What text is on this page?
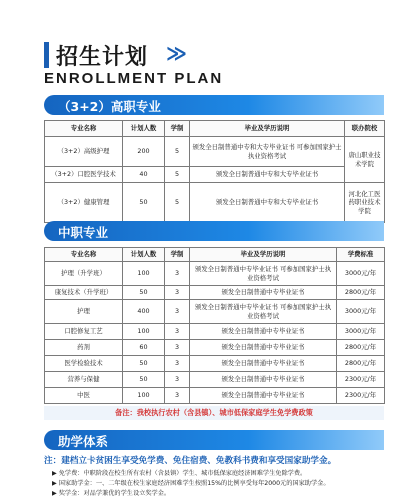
招生计划 ≫
ENROLLMENT PLAN
（3+2）高职专业
专业名称	计划人数	学制	毕业及学历说明	联办院校
（3+2）高级护理	200	5	颁发全日制普通中专和大专毕业证书 可参加国家护士执业资格考试	唐山职业技术学院
（3+2）口腔医学技术	40	5	颁发全日制普通中专和大专毕业证书	
（3+2）健康管理	50	5	颁发全日制普通中专和大专毕业证书	河北化工医药职业技术学院
中职专业
专业名称	计划人数	学制	毕业及学历说明	学费标准
护理（升学班）	100	3	颁发全日制普通中专毕业证书 可参加国家护士执业资格考试	3000元/年
康复技术（升学班）	50	3	颁发全日制普通中专毕业证书	2800元/年
护理	400	3	颁发全日制普通中专毕业证书 可参加国家护士执业资格考试	3000元/年
口腔修复工艺	100	3	颁发全日制普通中专毕业证书	3000元/年
药剂	60	3	颁发全日制普通中专毕业证书	2800元/年
医学检验技术	50	3	颁发全日制普通中专毕业证书	2800元/年
营养与保健	50	3	颁发全日制普通中专毕业证书	2300元/年
中医	100	3	颁发全日制普通中专毕业证书	2300元/年
备注：我校执行农村（含县镇）、城市低保家庭学生免学费政策
助学体系
注：建档立卡贫困生享受免学费、免住宿费、免教科书费和享受国家助学金。
▶ 免学费：中职阶段在校生所有农村（含县镇）学生、城市低保家庭经济困难学生免除学费。
▶ 国家助学金：一、二年级在校生家庭经济困难学生按照15%的比例享受每年2000元的国家助学金。
▶ 奖学金：对品学兼优的学生设立奖学金。
